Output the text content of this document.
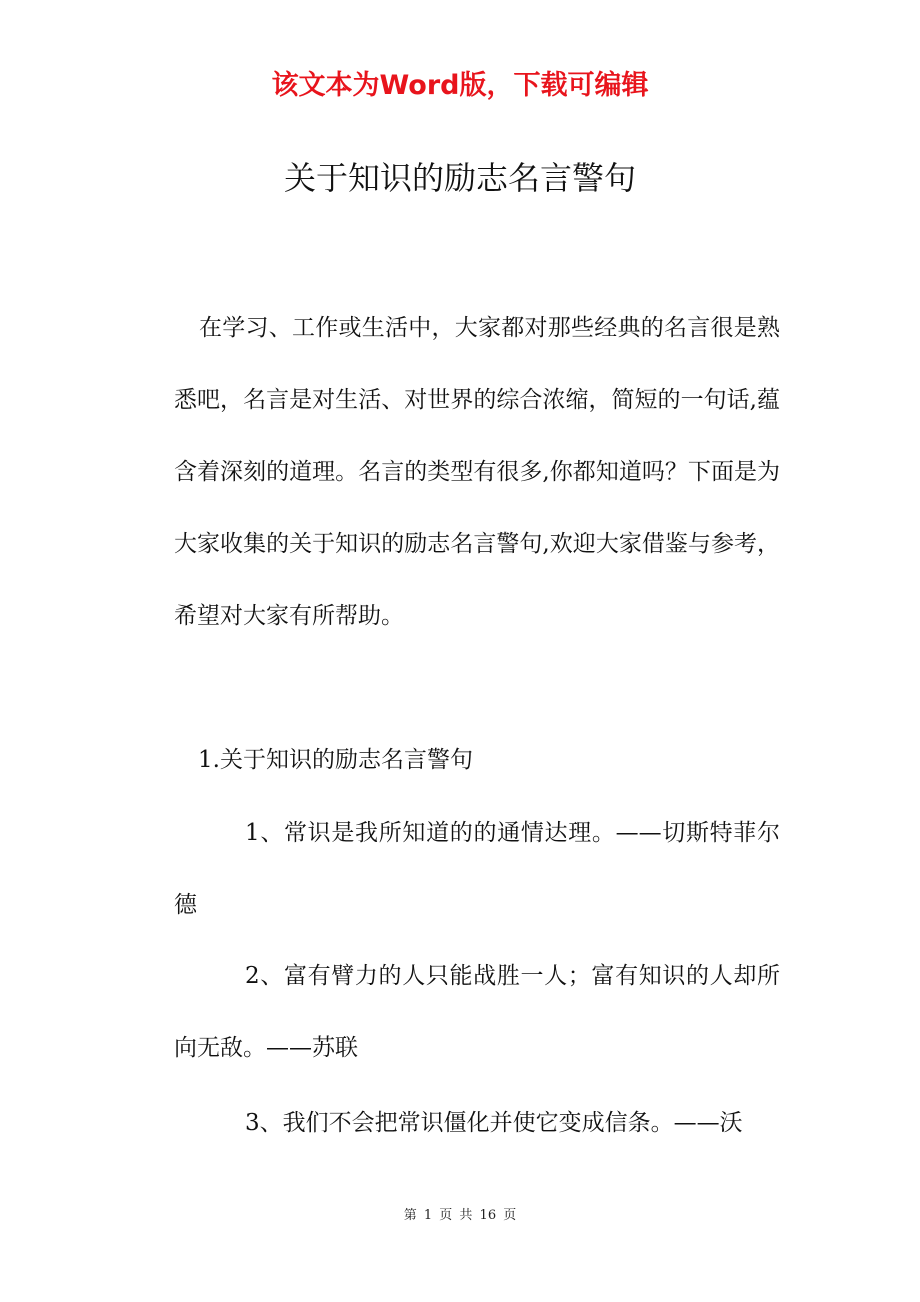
该文本为Word版，下载可编辑
关于知识的励志名言警句

在学习、工作或生活中，大家都对那些经典的名言很是熟悉吧，名言是对生活、对世界的综合浓缩，简短的一句话,蕴含着深刻的道理。名言的类型有很多,你都知道吗？下面是为大家收集的关于知识的励志名言警句,欢迎大家借鉴与参考，希望对大家有所帮助。

1.关于知识的励志名言警句

1、常识是我所知道的的通情达理。——切斯特菲尔德

2、富有臂力的人只能战胜一人；富有知识的人却所向无敌。——苏联

3、我们不会把常识僵化并使它变成信条。——沃

第 1 页 共 16 页
